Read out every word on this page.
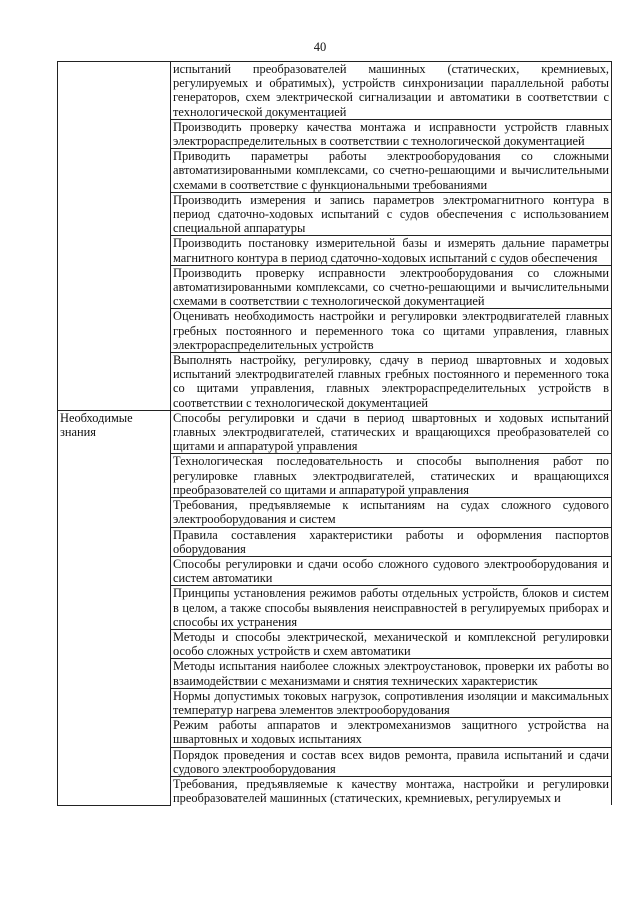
40

	испытаний преобразователей машинных (статических, кремниевых, регулируемых и обратимых), устройств синхронизации параллельной работы генераторов, схем электрической сигнализации и автоматики в соответствии с технологической документацией

	Производить проверку качества монтажа и исправности устройств главных электрораспределительных в соответствии с технологической документацией

	Приводить параметры работы электрооборудования со сложными автоматизированными комплексами, со счетно-решающими и вычислительными схемами в соответствие с функциональными требованиями

	Производить измерения и запись параметров электромагнитного контура в период сдаточно-ходовых испытаний с судов обеспечения с использованием специальной аппаратуры

	Производить постановку измерительной базы и измерять дальние параметры магнитного контура в период сдаточно-ходовых испытаний с судов обеспечения

	Производить проверку исправности электрооборудования со сложными автоматизированными комплексами, со счетно-решающими и вычислительными схемами в соответствии с технологической документацией

	Оценивать необходимость настройки и регулировки электродвигателей главных гребных постоянного и переменного тока со щитами управления, главных электрораспределительных устройств

	Выполнять настройку, регулировку, сдачу в период швартовных и ходовых испытаний электродвигателей главных гребных постоянного и переменного тока со щитами управления, главных электрораспределительных устройств в соответствии с технологической документацией

Необходимые знания	Способы регулировки и сдачи в период швартовных и ходовых испытаний главных электродвигателей, статических и вращающихся преобразователей со щитами и аппаратурой управления

	Технологическая последовательность и способы выполнения работ по регулировке главных электродвигателей, статических и вращающихся преобразователей со щитами и аппаратурой управления

	Требования, предъявляемые к испытаниям на судах сложного судового электрооборудования и систем

	Правила составления характеристики работы и оформления паспортов оборудования

	Способы регулировки и сдачи особо сложного судового электрооборудования и систем автоматики

	Принципы установления режимов работы отдельных устройств, блоков и систем в целом, а также способы выявления неисправностей в регулируемых приборах и способы их устранения

	Методы и способы электрической, механической и комплексной регулировки особо сложных устройств и схем автоматики

	Методы испытания наиболее сложных электроустановок, проверки их работы во взаимодействии с механизмами и снятия технических характеристик

	Нормы допустимых токовых нагрузок, сопротивления изоляции и максимальных температур нагрева элементов электрооборудования

	Режим работы аппаратов и электромеханизмов защитного устройства на швартовных и ходовых испытаниях

	Порядок проведения и состав всех видов ремонта, правила испытаний и сдачи судового электрооборудования

	Требования, предъявляемые к качеству монтажа, настройки и регулировки преобразователей машинных (статических, кремниевых, регулируемых и
